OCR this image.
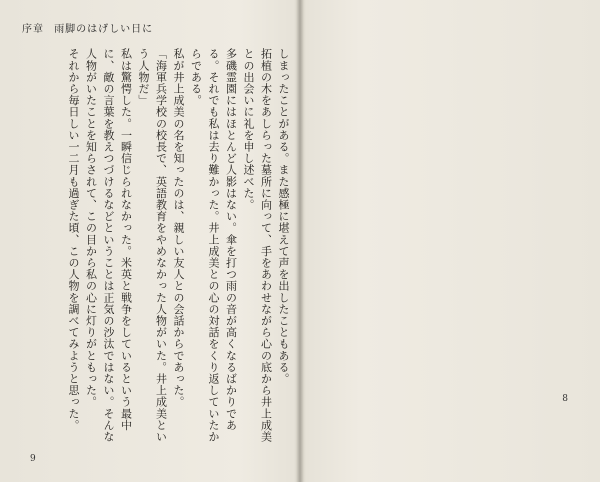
序章 雨脚のはげしい日に

しまったことがある。また感極に堪えて声を出したこともある。
拓植の木をあしらった墓所に向って、手をあわせながら心の底から井上成美との出会いに礼を申し述べた。
多磯霊園にはほとんど人影はない。傘を打つ雨の音が高くなるばかりである。それでも私は去り難かった。井上成美との心の対話をくり返していたからである。
私が井上成美の名を知ったのは、親しい友人との会話からであった。
「海軍兵学校の校長で、英語教育をやめなかった人物がいた。井上成美という人物だ」
私は驚愕した。一瞬信じられなかった。米英と戦争をしているという最中に、敵の言葉を教えつづけるなどということは正気の沙汰ではない。そんな人物がいたことを知らされて、この目から私の心に灯りがともった。
それから毎日しい一二月も過ぎた頃、この人物を調べてみようと思った。

9

8
